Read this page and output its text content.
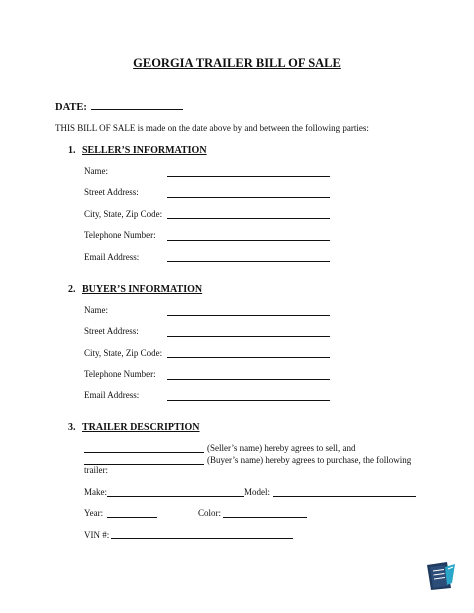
GEORGIA TRAILER BILL OF SALE
DATE:
THIS BILL OF SALE is made on the date above by and between the following parties:
1. SELLER’S INFORMATION
Name:
Street Address:
City, State, Zip Code:
Telephone Number:
Email Address:
2. BUYER’S INFORMATION
Name:
Street Address:
City, State, Zip Code:
Telephone Number:
Email Address:
3. TRAILER DESCRIPTION
(Seller’s name) hereby agrees to sell, and
(Buyer’s name) hereby agrees to purchase, the following
trailer:
Make:	Model:
Year:	Color:
VIN #:
